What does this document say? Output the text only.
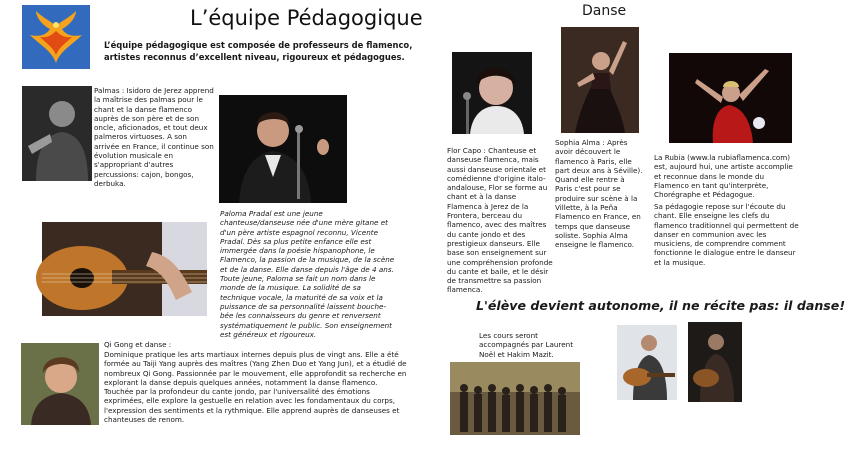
L’équipe Pédagogique
L’équipe pédagogique est composée de professeurs de flamenco, artistes reconnus d’excellent niveau, rigoureux et pédagogues.
Palmas : Isidoro de Jerez apprend la maîtrise des palmas pour le chant et la danse flamenco auprès de son père et de son oncle, aficionados, et tout deux palmeros virtuoses. A son arrivée en France, il continue son évolution musicale en s'appropriant d'autres percussions: cajon, bongos, derbuka.
Paloma Pradal est une jeune chanteuse/danseuse née d'une mère gitane et d'un père artiste espagnol reconnu, Vicente Pradal. Dès sa plus petite enfance elle est immergée dans la poésie hispanophone, le Flamenco, la passion de la musique, de la scène et de la danse. Elle danse depuis l'âge de 4 ans. Toute jeune, Paloma se fait un nom dans le monde de la musique. La solidité de sa technique vocale, la maturité de sa voix et la puissance de sa personnalité laissent bouche-bée les connaisseurs du genre et renversent systématiquement le public. Son enseignement est généreux et rigoureux.
Qi Gong et danse :
Dominique pratique les arts martiaux internes depuis plus de vingt ans. Elle a été formée au Taiji Yang auprès des maîtres (Yang Zhen Duo et Yang Jun), et a étudié de nombreux Qi Gong. Passionnée par le mouvement, elle approfondit sa recherche en explorant la danse depuis quelques années, notamment la danse flamenco. Touchée par la profondeur du cante jondo, par l'universalité des émotions exprimées, elle explore la gestuelle en relation avec les fondamentaux du corps, l'expression des sentiments et la rythmique. Elle apprend auprès de danseuses et chanteuses de renom.
Danse
Flor Capo : Chanteuse et danseuse flamenca, mais aussi danseuse orientale et comédienne d'origine italo-andalouse, Flor se forme au chant et à la danse Flamenca à Jerez de la Frontera, berceau du flamenco, avec des maîtres du cante jondo et des prestigieux danseurs. Elle base son enseignement sur une compréhension profonde du cante et baile, et le désir de transmettre sa passion flamenca.
Sophia Alma : Après avoir découvert le flamenco à Paris, elle part deux ans à Séville). Quand elle rentre à Paris c'est pour se produire sur scène à la Villette, à la Peña Flamenco en France, en temps que danseuse soliste. Sophia Alma enseigne le flamenco.
La Rubia (www.la rubiaflamenca.com) est, aujourd hui, une artiste accomplie et reconnue dans le monde du Flamenco en tant qu'interprète, Chorégraphe et Pédagogue.
Sa pédagogie repose sur l'écoute du chant. Elle enseigne les clefs du flamenco traditionnel qui permettent de danser en communion avec les musiciens, de comprendre comment fonctionne le dialogue entre le danseur et la musique.
L'élève devient autonome, il ne récite pas: il danse!
Les cours seront accompagnés par Laurent Noël et Hakim Mazit.
